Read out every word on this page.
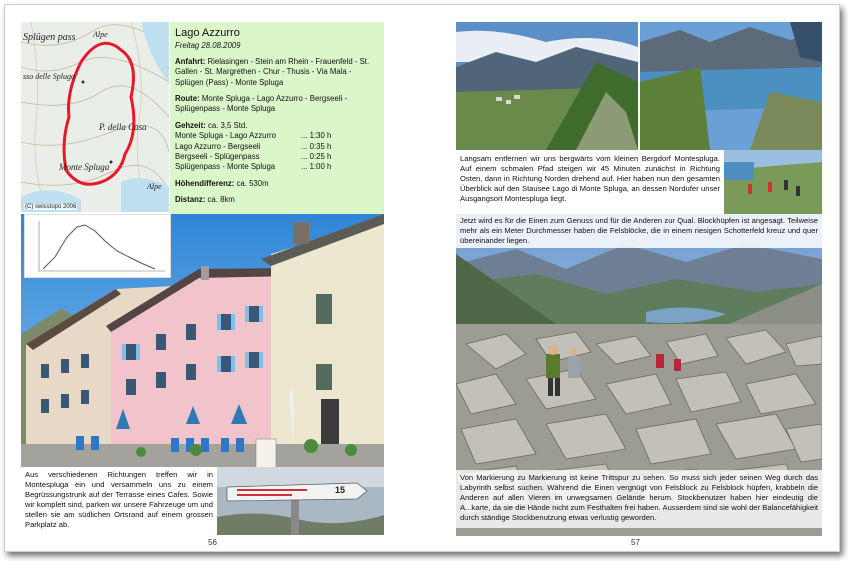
Splügen pass Alpe
sso delle Spluga
P. della Casa
Monte Spluga
Alpe
(C) swisstopo 2006
Lago Azzurro
Freitag 28.08.2009

Anfahrt: Rielasingen - Stein am Rhein - Frauenfeld - St. Gallen - St. Margrethen - Chur - Thusis - Via Mala - Splügen (Pass) - Monte Spluga

Route: Monte Spluga - Lago Azzurro - Bergseeli - Splügenpass - Monte Spluga

Gehzeit: ca. 3,5 Std.
Monte Spluga - Lago Azzurro	... 1:30 h
Lago Azzurro - Bergseeli	... 0:35 h
Bergseeli - Splügenpass	... 0:25 h
Splügenpass - Monte Spluga	... 1:00 h

Höhendifferenz: ca. 530m

Distanz: ca. 8km

Aus verschiedenen Richtungen treffen wir in Montespluga ein und versammeln uns zu einem Begrüssungstrunk auf der Terrasse eines Cafes. Sowie wir komplett sind, parken wir unsere Fahrzeuge um und stellen sie am südlichen Ortsrand auf einem grossen Parkplatz ab.
15
56
Langsam entfernen wir uns bergwärts vom kleinen Bergdorf Montespluga. Auf einem schmalen Pfad steigen wir 45 Minuten zunächst in Richtung Osten, dann in Richtung Norden drehend auf. Hier haben nun den gesamten Überblick auf den Stausee Lago di Monte Spluga, an dessen Nordufer unser Ausgangsort Montespluga liegt.
Jetzt wird es für die Einen zum Genuss und für die Anderen zur Qual. Blockhüpfen ist angesagt. Teilweise mehr als ein Meter Durchmesser haben die Felsblöcke, die in einem riesigen Schotterfeld kreuz und quer übereinander liegen.
Von Markierung zu Markierung ist keine Trittspur zu sehen. So muss sich jeder seinen Weg durch das Labyrinth selbst suchen. Während die Einen vergnügt von Felsblock zu Felsblock hüpfen, krabbeln die Anderen auf allen Vieren im unwegsamen Gelände herum. Stockbenutzer haben hier eindeutig die A...karte, da sie die Hände nicht zum Festhalten frei haben. Ausserdem sind sie wohl der Balancefähigkeit durch ständige Stockbenutzung etwas verlustig geworden.
57
